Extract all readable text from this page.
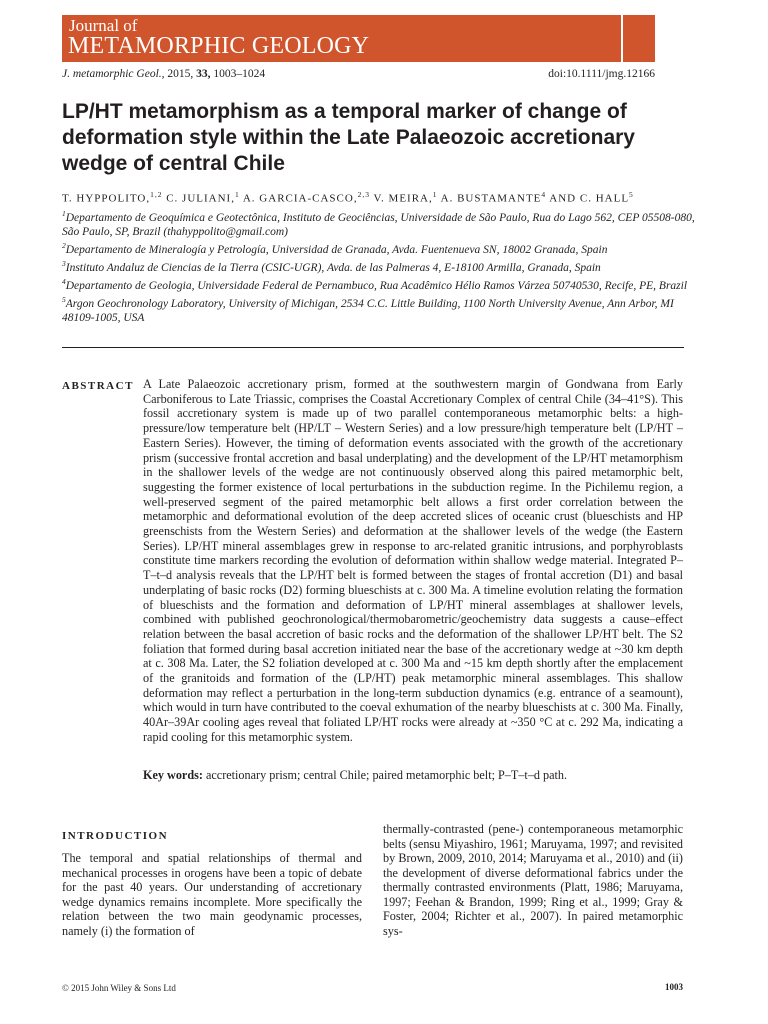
Journal of
METAMORPHIC GEOLOGY
J. metamorphic Geol., 2015, 33, 1003–1024	doi:10.1111/jmg.12166
LP/HT metamorphism as a temporal marker of change of deformation style within the Late Palaeozoic accretionary wedge of central Chile
T. HYPPOLITO,$^{1,2}$ C. JULIANI,$^1$ A. GARCIA-CASCO,$^{2,3}$ V. MEIRA,$^1$ A. BUSTAMANTE$^4$ AND C. HALL$^5$
$^1$Departamento de Geoquímica e Geotectônica, Instituto de Geociências, Universidade de São Paulo, Rua do Lago 562, CEP 05508-080, São Paulo, SP, Brazil (thahyppolito@gmail.com)
$^2$Departamento de Mineralogía y Petrología, Universidad de Granada, Avda. Fuentenueva SN, 18002 Granada, Spain
$^3$Instituto Andaluz de Ciencias de la Tierra (CSIC-UGR), Avda. de las Palmeras 4, E-18100 Armilla, Granada, Spain
$^4$Departamento de Geologia, Universidade Federal de Pernambuco, Rua Acadêmico Hélio Ramos Várzea 50740530, Recife, PE, Brazil
$^5$Argon Geochronology Laboratory, University of Michigan, 2534 C.C. Little Building, 1100 North University Avenue, Ann Arbor, MI 48109-1005, USA
ABSTRACT A Late Palaeozoic accretionary prism, formed at the southwestern margin of Gondwana from Early Carboniferous to Late Triassic, comprises the Coastal Accretionary Complex of central Chile (34–41°S). This fossil accretionary system is made up of two parallel contemporaneous metamorphic belts: a high-pressure/low temperature belt (HP/LT – Western Series) and a low pressure/high temperature belt (LP/HT – Eastern Series). However, the timing of deformation events associated with the growth of the accretionary prism (successive frontal accretion and basal underplating) and the development of the LP/HT metamorphism in the shallower levels of the wedge are not continuously observed along this paired metamorphic belt, suggesting the former existence of local perturbations in the subduction regime. In the Pichilemu region, a well-preserved segment of the paired metamorphic belt allows a first order correlation between the metamorphic and deformational evolution of the deep accreted slices of oceanic crust (blueschists and HP greenschists from the Western Series) and deformation at the shallower levels of the wedge (the Eastern Series). LP/HT mineral assemblages grew in response to arc-related granitic intrusions, and porphyroblasts constitute time markers recording the evolution of deformation within shallow wedge material. Integrated P–T–t–d analysis reveals that the LP/HT belt is formed between the stages of frontal accretion (D1) and basal underplating of basic rocks (D2) forming blueschists at c. 300 Ma. A timeline evolution relating the formation of blueschists and the formation and deformation of LP/HT mineral assemblages at shallower levels, combined with published geochronological/thermobarometric/geochemistry data suggests a cause–effect relation between the basal accretion of basic rocks and the deformation of the shallower LP/HT belt. The S2 foliation that formed during basal accretion initiated near the base of the accretionary wedge at ~30 km depth at c. 308 Ma. Later, the S2 foliation developed at c. 300 Ma and ~15 km depth shortly after the emplacement of the granitoids and formation of the (LP/HT) peak metamorphic mineral assemblages. This shallow deformation may reflect a perturbation in the long-term subduction dynamics (e.g. entrance of a seamount), which would in turn have contributed to the coeval exhumation of the nearby blueschists at c. 300 Ma. Finally, 40Ar–39Ar cooling ages reveal that foliated LP/HT rocks were already at ~350 °C at c. 292 Ma, indicating a rapid cooling for this metamorphic system.
Key words: accretionary prism; central Chile; paired metamorphic belt; P–T–t–d path.
INTRODUCTION
The temporal and spatial relationships of thermal and mechanical processes in orogens have been a topic of debate for the past 40 years. Our understanding of accretionary wedge dynamics remains incomplete. More specifically the relation between the two main geodynamic processes, namely (i) the formation of
thermally-contrasted (pene-) contemporaneous metamorphic belts (sensu Miyashiro, 1961; Maruyama, 1997; and revisited by Brown, 2009, 2010, 2014; Maruyama et al., 2010) and (ii) the development of diverse deformational fabrics under the thermally contrasted environments (Platt, 1986; Maruyama, 1997; Feehan & Brandon, 1999; Ring et al., 1999; Gray & Foster, 2004; Richter et al., 2007). In paired metamorphic sys-
© 2015 John Wiley & Sons Ltd	1003
